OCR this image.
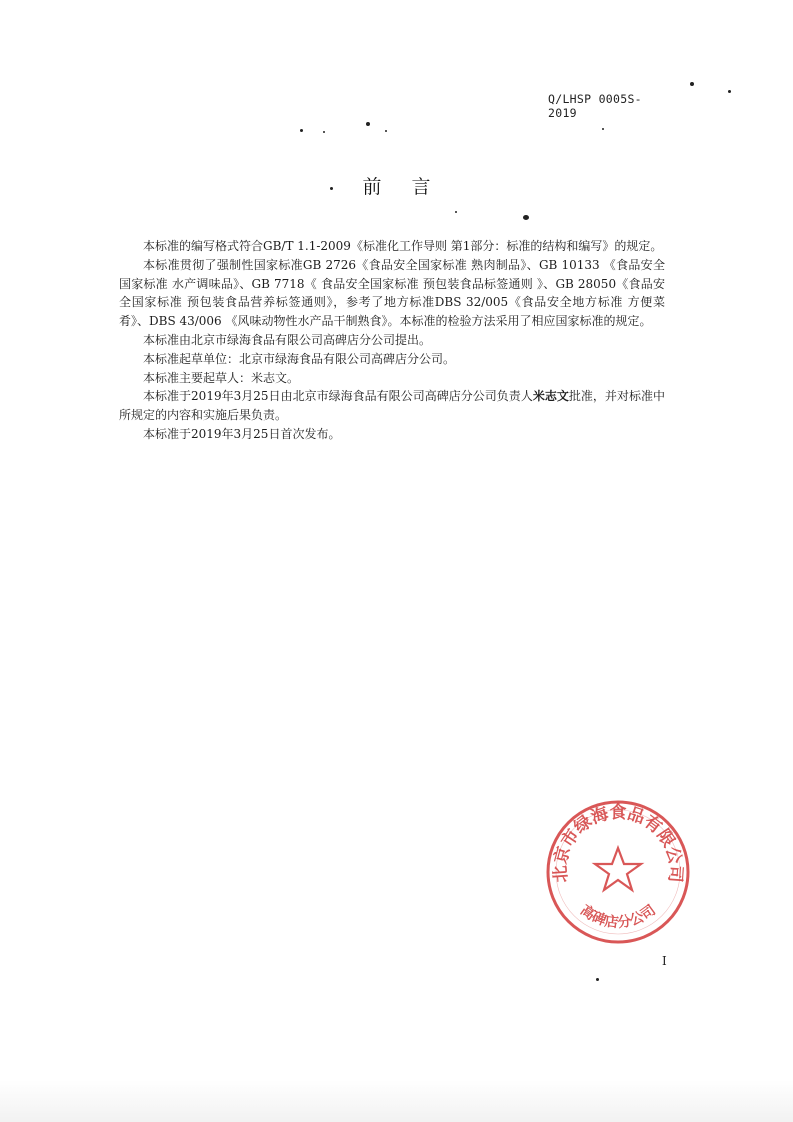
Q/LHSP 0005S-2019
前言

本标准的编写格式符合GB/T 1.1-2009《标准化工作导则 第1部分：标准的结构和编写》的规定。

本标准贯彻了强制性国家标准GB 2726《食品安全国家标准 熟肉制品》、GB 10133 《食品安全国家标准 水产调味品》、GB 7718《 食品安全国家标准 预包装食品标签通则 》、GB 28050《食品安全国家标准 预包装食品营养标签通则》，参考了地方标准DBS 32/005《食品安全地方标准 方便菜肴》、DBS 43/006 《风味动物性水产品干制熟食》。本标准的检验方法采用了相应国家标准的规定。

本标准由北京市绿海食品有限公司高碑店分公司提出。

本标准起草单位：北京市绿海食品有限公司高碑店分公司。

本标准主要起草人：米志文。

本标准于2019年3月25日由北京市绿海食品有限公司高碑店分公司负责人米志文批准，并对标准中所规定的内容和实施后果负责。

本标准于2019年3月25日首次发布。

北京市绿海食品有限公司
高碑店分公司
I
